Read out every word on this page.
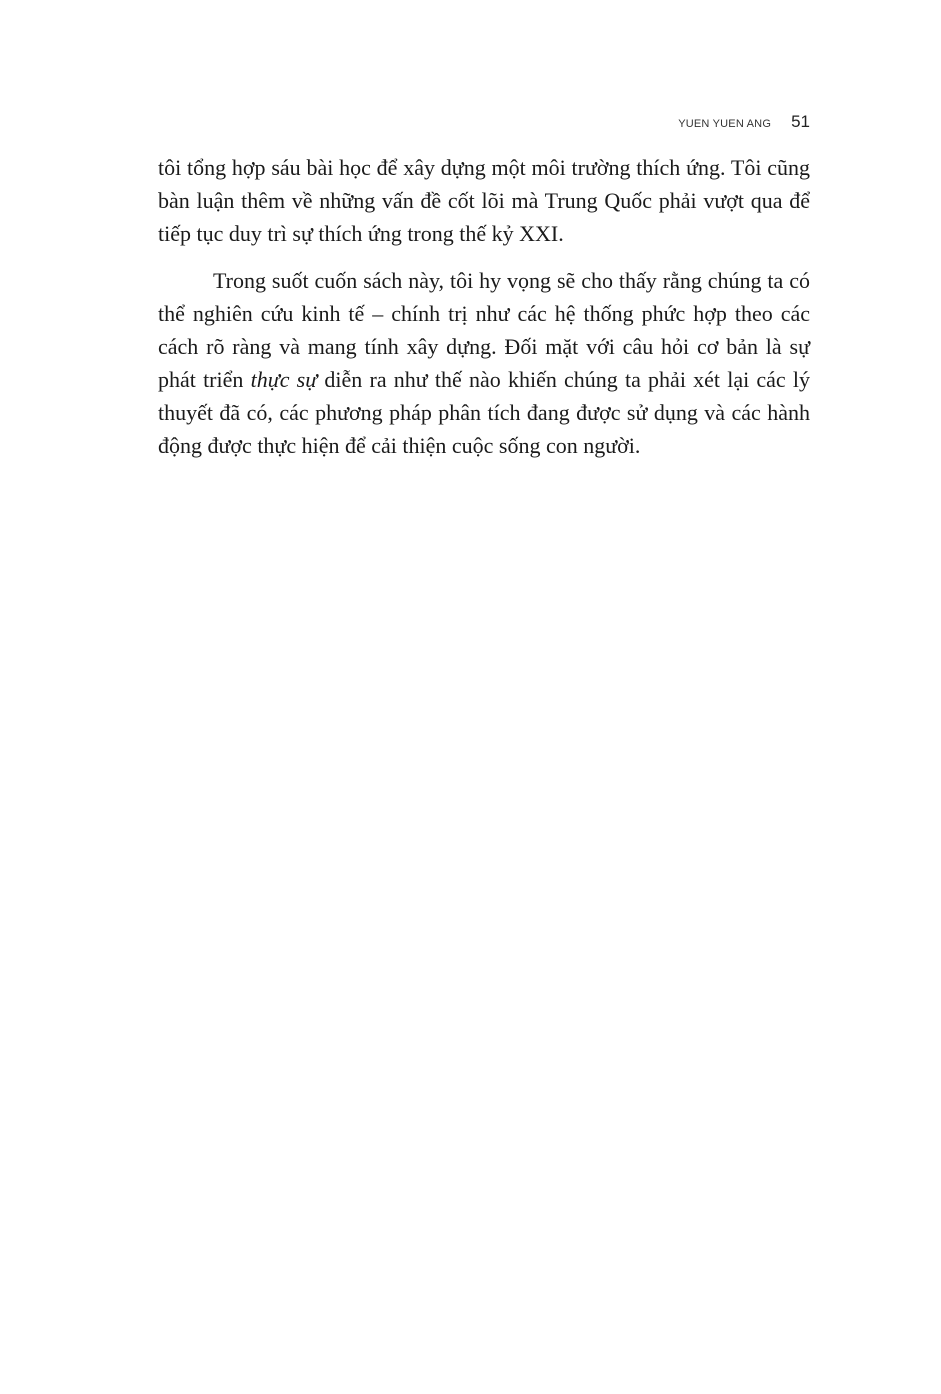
YUEN YUEN ANG 51

tôi tổng hợp sáu bài học để xây dựng một môi trường thích ứng. Tôi cũng bàn luận thêm về những vấn đề cốt lõi mà Trung Quốc phải vượt qua để tiếp tục duy trì sự thích ứng trong thế kỷ XXI.

Trong suốt cuốn sách này, tôi hy vọng sẽ cho thấy rằng chúng ta có thể nghiên cứu kinh tế – chính trị như các hệ thống phức hợp theo các cách rõ ràng và mang tính xây dựng. Đối mặt với câu hỏi cơ bản là sự phát triển thực sự diễn ra như thế nào khiến chúng ta phải xét lại các lý thuyết đã có, các phương pháp phân tích đang được sử dụng và các hành động được thực hiện để cải thiện cuộc sống con người.
